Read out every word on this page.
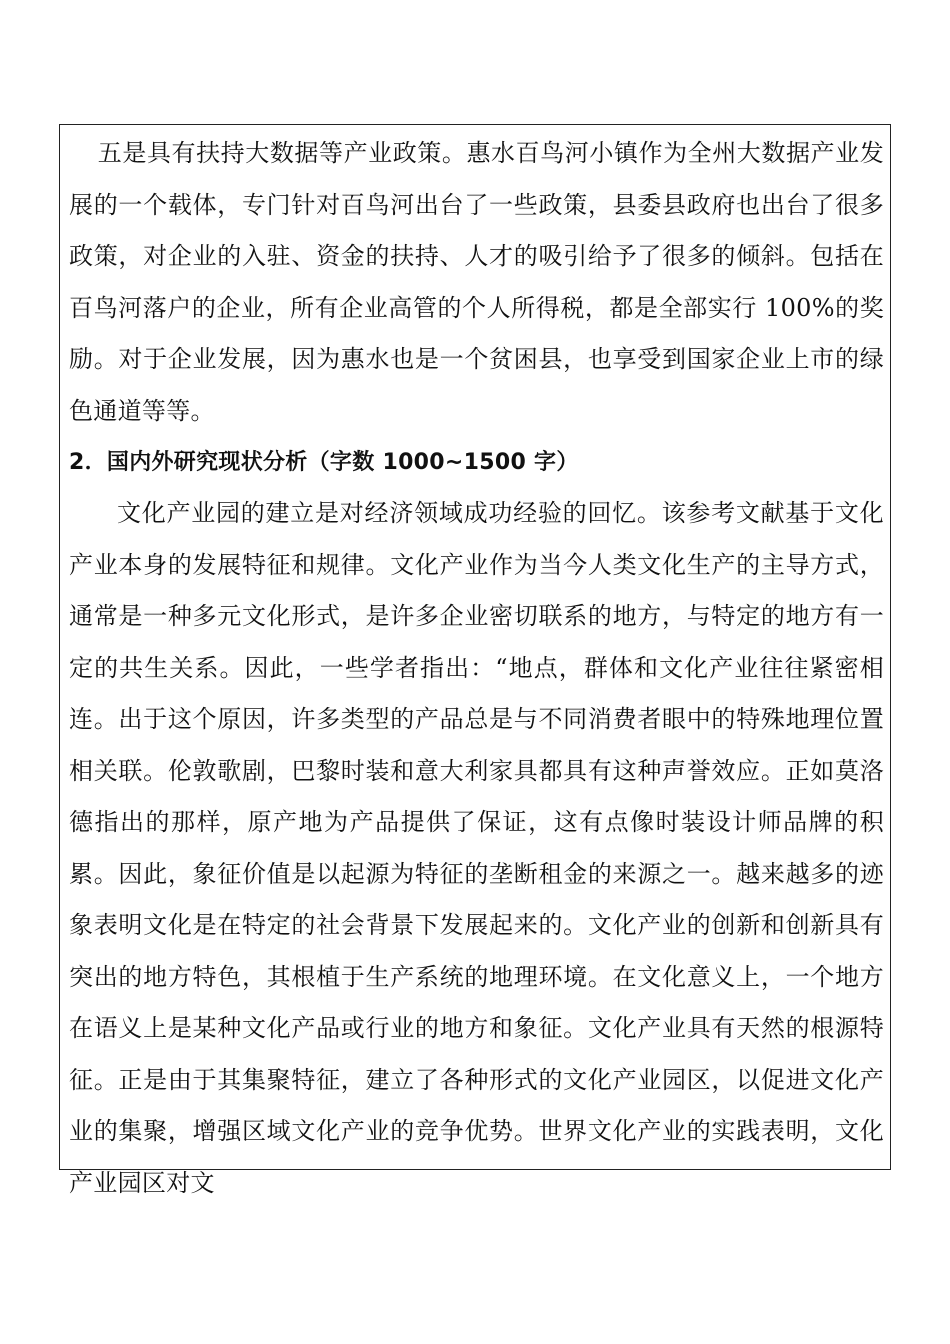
五是具有扶持大数据等产业政策。惠水百鸟河小镇作为全州大数据产业发展的一个载体，专门针对百鸟河出台了一些政策，县委县政府也出台了很多政策，对企业的入驻、资金的扶持、人才的吸引给予了很多的倾斜。包括在百鸟河落户的企业，所有企业高管的个人所得税，都是全部实行 100%的奖励。对于企业发展，因为惠水也是一个贫困县，也享受到国家企业上市的绿色通道等等。

2．国内外研究现状分析（字数 1000~1500 字）

文化产业园的建立是对经济领域成功经验的回忆。该参考文献基于文化产业本身的发展特征和规律。文化产业作为当今人类文化生产的主导方式，通常是一种多元文化形式，是许多企业密切联系的地方，与特定的地方有一定的共生关系。因此，一些学者指出：“地点，群体和文化产业往往紧密相连。出于这个原因，许多类型的产品总是与不同消费者眼中的特殊地理位置相关联。伦敦歌剧，巴黎时装和意大利家具都具有这种声誉效应。正如莫洛德指出的那样，原产地为产品提供了保证，这有点像时装设计师品牌的积累。因此，象征价值是以起源为特征的垄断租金的来源之一。越来越多的迹象表明文化是在特定的社会背景下发展起来的。文化产业的创新和创新具有突出的地方特色，其根植于生产系统的地理环境。在文化意义上，一个地方在语义上是某种文化产品或行业的地方和象征。文化产业具有天然的根源特征。正是由于其集聚特征，建立了各种形式的文化产业园区，以促进文化产业的集聚，增强区域文化产业的竞争优势。世界文化产业的实践表明，文化产业园区对文
